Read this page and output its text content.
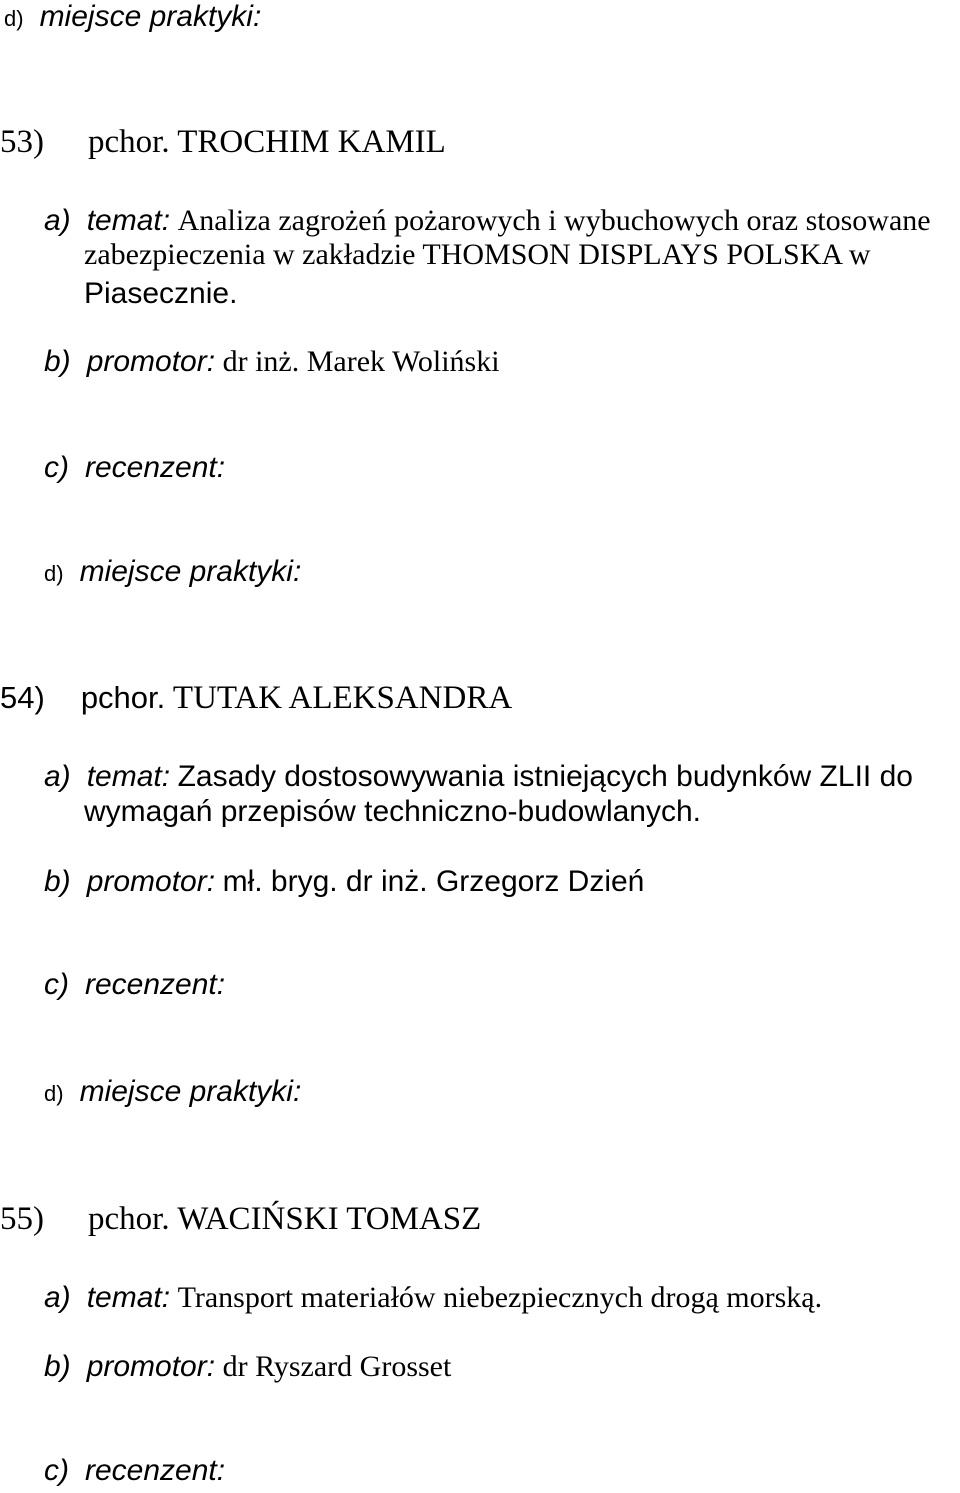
d) miejsce praktyki:
53) pchor. TROCHIM KAMIL
a) temat: Analiza zagrożeń pożarowych i wybuchowych oraz stosowane
zabezpieczenia w zakładzie THOMSON DISPLAYS POLSKA w
Piasecznie.
b) promotor: dr inż. Marek Woliński
c) recenzent:
d) miejsce praktyki:
54) pchor. TUTAK ALEKSANDRA
a) temat: Zasady dostosowywania istniejących budynków ZLII do
wymagań przepisów techniczno-budowlanych.
b) promotor: mł. bryg. dr inż. Grzegorz Dzień
c) recenzent:
d) miejsce praktyki:
55) pchor. WACIŃSKI TOMASZ
a) temat: Transport materiałów niebezpiecznych drogą morską.
b) promotor: dr Ryszard Grosset
c) recenzent:
